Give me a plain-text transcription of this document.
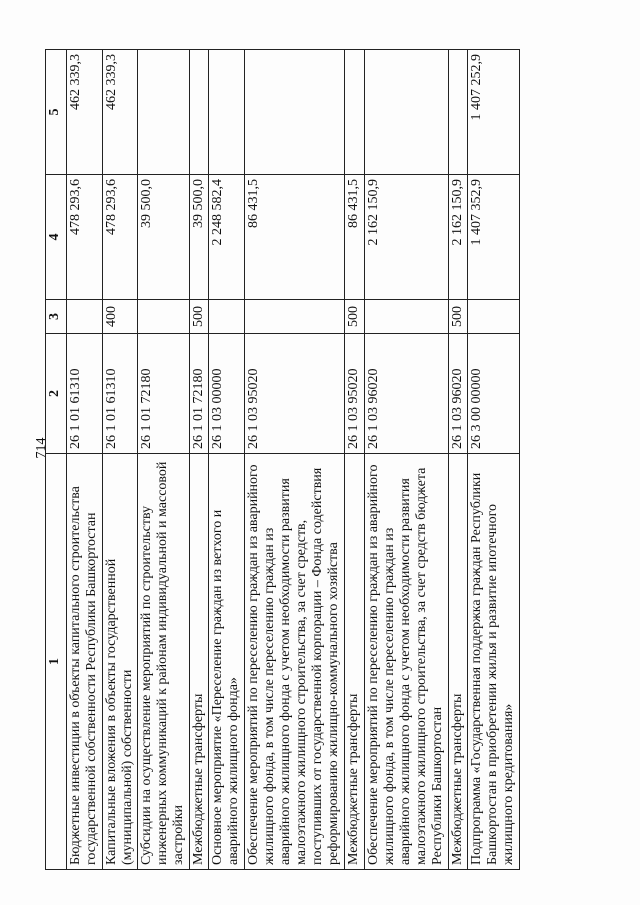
714
1	2	3	4	5
Бюджетные инвестиции в объекты капитального строительства государственной собственности Республики Башкортостан	26 1 01 61310		478 293,6	462 339,3
Капитальные вложения в объекты государственной (муниципальной) собственности	26 1 01 61310	400	478 293,6	462 339,3
Субсидии на осуществление мероприятий по строительству инженерных коммуникаций к районам индивидуальной и массовой застройки	26 1 01 72180		39 500,0	
Межбюджетные трансферты	26 1 01 72180	500	39 500,0	
Основное мероприятие «Переселение граждан из ветхого и аварийного жилищного фонда»	26 1 03 00000		2 248 582,4	
Обеспечение мероприятий по переселению граждан из аварийного жилищного фонда, в том числе переселению граждан из аварийного жилищного фонда с учетом необходимости развития малоэтажного жилищного строительства, за счет средств, поступивших от государственной корпорации – Фонда содействия реформированию жилищно-коммунального хозяйства	26 1 03 95020		86 431,5	
Межбюджетные трансферты	26 1 03 95020	500	86 431,5	
Обеспечение мероприятий по переселению граждан из аварийного жилищного фонда, в том числе переселению граждан из аварийного жилищного фонда с учетом необходимости развития малоэтажного жилищного строительства, за счет средств бюджета Республики Башкортостан	26 1 03 96020		2 162 150,9	
Межбюджетные трансферты	26 1 03 96020	500	2 162 150,9	
Подпрограмма «Государственная поддержка граждан Республики Башкортостан в приобретении жилья и развитие ипотечного жилищного кредитования»	26 3 00 00000		1 407 352,9	1 407 252,9
